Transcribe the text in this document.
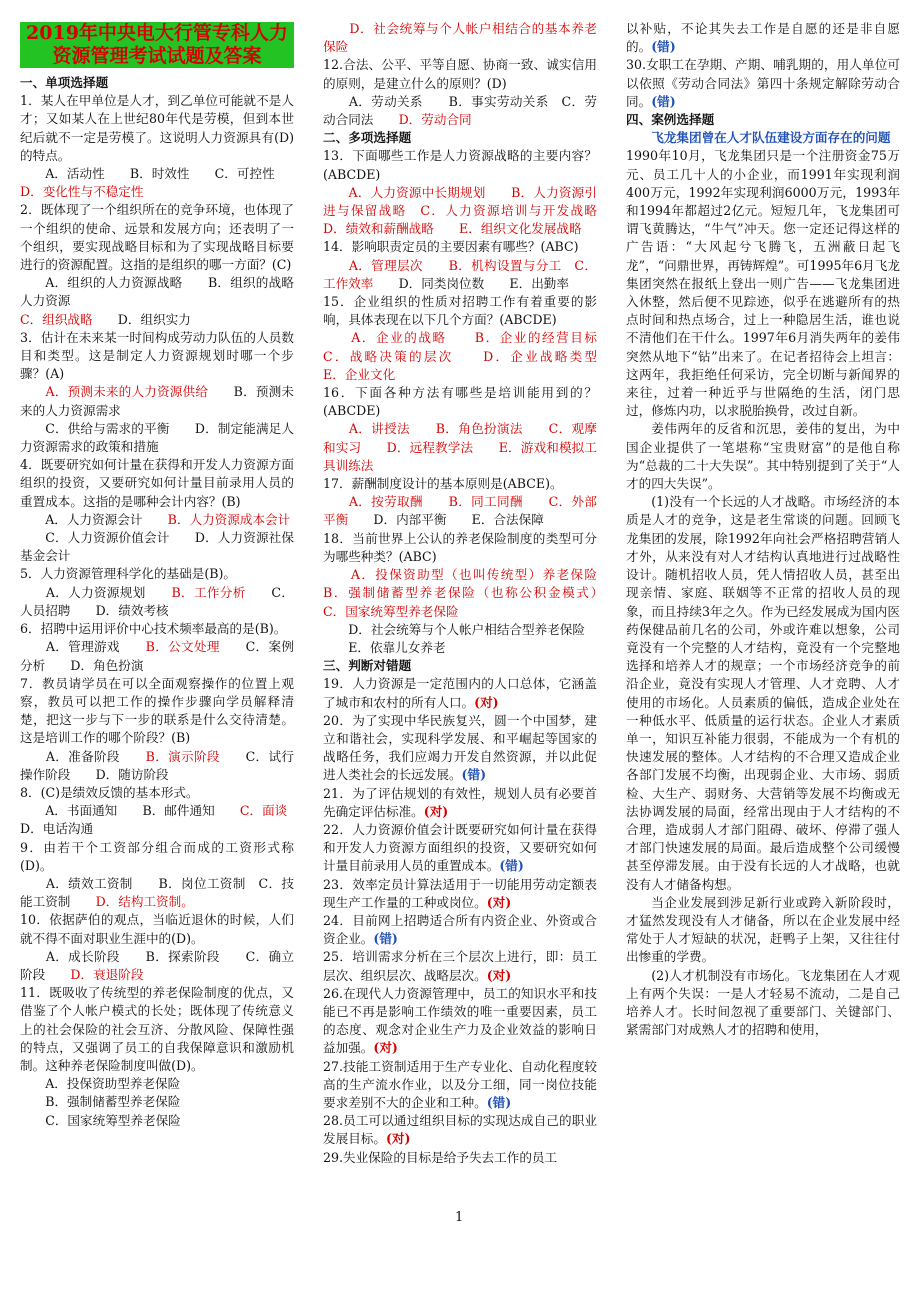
2019年中央电大行管专科人力资源管理考试试题及答案

一、单项选择题

1．某人在甲单位是人才，到乙单位可能就不是人才；又如某人在上世纪80年代是劳模，但到本世纪后就不一定是劳模了。这说明人力资源具有(D)的特点。

A．活动性　　B．时效性　　C．可控性

D．变化性与不稳定性

2．既体现了一个组织所在的竞争环境，也体现了一个组织的使命、远景和发展方向；还表明了一个组织，要实现战略目标和为了实现战略目标要进行的资源配置。这指的是组织的哪一方面？(C)

A．组织的人力资源战略　　B．组织的战略人力资源　

C．组织战略　　D．组织实力

3．估计在未来某一时间构成劳动力队伍的人员数目和类型。这是制定人力资源规划时哪一个步骤？(A)

　　A．预测未来的人力资源供给　　B．预测未来的人力资源需求

C．供给与需求的平衡　　D．制定能满足人力资源需求的政策和措施

4．既要研究如何计量在获得和开发人力资源方面组织的投资，又要研究如何计量目前录用人员的重置成本。这指的是哪种会计内容？(B)

　　A．人力资源会计　　B．人力资源成本会计

C．人力资源价值会计　　D．人力资源社保基金会计

5．人力资源管理科学化的基础是(B)。

　　A．人力资源规划　　B．工作分析　　C．人员招聘　　D．绩效考核

6．招聘中运用评价中心技术频率最高的是(B)。

　　A．管理游戏　　B．公文处理　　C．案例分析　　D．角色扮演

7．教员请学员在可以全面观察操作的位置上观察，教员可以把工作的操作步骤向学员解释清楚，把这一步与下一步的联系是什么交待清楚。这是培训工作的哪个阶段？(B)

　　A．准备阶段　　B．演示阶段　　C．试行操作阶段　　D．随访阶段

8．(C)是绩效反馈的基本形式。

　　A．书面通知　　B．邮件通知　　C．面谈　　D．电话沟通

9．由若干个工资部分组合而成的工资形式称(D)。

　　A．绩效工资制　　B．岗位工资制　C．技能工资制　　D．结构工资制。

10．依据萨伯的观点，当临近退休的时候，人们就不得不面对职业生涯中的(D)。

　　A．成长阶段　　B．探索阶段　　C．确立阶段　　D．衰退阶段

11．既吸收了传统型的养老保险制度的优点，又借鉴了个人帐户模式的长处；既体现了传统意义上的社会保险的社会互济、分散风险、保障性强的特点，又强调了员工的自我保障意识和激励机制。这种养老保险制度叫做(D)。

A．投保资助型养老保险

B．强制储蓄型养老保险

C．国家统筹型养老保险

　　D．社会统筹与个人帐户相结合的基本养老保险

12.合法、公平、平等自愿、协商一致、诚实信用的原则，是建立什么的原则？(D)

　　A．劳动关系　　B．事实劳动关系　C．劳动合同法　　D．劳动合同

二、多项选择题

13．下面哪些工作是人力资源战略的主要内容？(ABCDE)

　　A．人力资源中长期规划　　B．人力资源引进与保留战略　C．人力资源培训与开发战略　　D．绩效和薪酬战略　　E．组织文化发展战略

14．影响职责定员的主要因素有哪些？(ABC)

　　A．管理层次　　B．机构设置与分工　C．工作效率　　D．同类岗位数　　E．出勤率

15．企业组织的性质对招聘工作有着重要的影响，具体表现在以下几个方面？(ABCDE)

　　A．企业的战略　　B．企业的经营目标　C．战略决策的层次　　D．企业战略类型　　E．企业文化

16．下面各种方法有哪些是培训能用到的？(ABCDE)

　　A．讲授法　　B．角色扮演法　　C．观摩和实习　　D．远程教学法　　E．游戏和模拟工具训练法

17．薪酬制度设计的基本原则是(ABCE)。

　　A．按劳取酬　　B．同工同酬　　C．外部平衡　　D．内部平衡　　E．合法保障

18．当前世界上公认的养老保险制度的类型可分为哪些种类？(ABC)

　　A．投保资助型（也叫传统型）养老保险　B．强制储蓄型养老保险（也称公积金模式）　　C．国家统筹型养老保险

D．社会统筹与个人帐户相结合型养老保险

E．依靠儿女养老

三、判断对错题

19．人力资源是一定范围内的人口总体，它涵盖了城市和农村的所有人口。(对)

20．为了实现中华民族复兴，圆一个中国梦，建立和谐社会，实现科学发展、和平崛起等国家的战略任务，我们应竭力开发自然资源，并以此促进人类社会的长远发展。(错)

21．为了评估规划的有效性，规划人员有必要首先确定评估标准。(对)

22．人力资源价值会计既要研究如何计量在获得和开发人力资源方面组织的投资，又要研究如何计量目前录用人员的重置成本。(错)

23．效率定员计算法适用于一切能用劳动定额表现生产工作量的工种或岗位。(对)

24．目前网上招聘适合所有内资企业、外资或合资企业。(错)

25．培训需求分析在三个层次上进行，即：员工层次、组织层次、战略层次。(对)

26.在现代人力资源管理中，员工的知识水平和技能已不再是影响工作绩效的唯一重要因素，员工的态度、观念对企业生产力及企业效益的影响日益加强。(对)

27.技能工资制适用于生产专业化、自动化程度较高的生产流水作业，以及分工细，同一岗位技能要求差别不大的企业和工种。(错)

28.员工可以通过组织目标的实现达成自己的职业发展目标。(对)

29.失业保险的目标是给予失去工作的员工

以补贴，不论其失去工作是自愿的还是非自愿的。(错)

30.女职工在孕期、产期、哺乳期的，用人单位可以依照《劳动合同法》第四十条规定解除劳动合同。(错)

四、案例选择题

飞龙集团曾在人才队伍建设方面存在的问题

1990年10月，飞龙集团只是一个注册资金75万元、员工几十人的小企业，而1991年实现利润400万元，1992年实现利润6000万元，1993年和1994年都超过2亿元。短短几年，飞龙集团可谓飞黄腾达，“牛气”冲天。您一定还记得这样的广告语：“大风起兮飞腾飞，五洲蔽日起飞龙”，“问鼎世界，再铸辉煌”。可1995年6月飞龙集团突然在报纸上登出一则广告——飞龙集团进入休整，然后便不见踪迹，似乎在逃避所有的热点时间和热点场合，过上一种隐居生活，谁也说不清他们在干什么。1997年6月消失两年的姜伟突然从地下“钻”出来了。在记者招待会上坦言：这两年，我拒绝任何采访，完全切断与新闻界的来往，过着一种近乎与世隔绝的生活，闭门思过，修炼内功，以求脱胎换骨，改过自新。

姜伟两年的反省和沉思，姜伟的复出，为中国企业提供了一笔堪称“宝贵财富”的是他自称为“总裁的二十大失误”。其中特别提到了关于“人才的四大失误”。

(1)没有一个长远的人才战略。市场经济的本质是人才的竞争，这是老生常谈的问题。回顾飞龙集团的发展，除1992年向社会严格招聘营销人才外，从来没有对人才结构认真地进行过战略性设计。随机招收人员，凭人情招收人员，甚至出现亲情、家庭、联姻等不正常的招收人员的现象，而且持续3年之久。作为已经发展成为国内医药保健品前几名的公司，外或许难以想象，公司竟没有一个完整的人才结构，竟没有一个完整地选择和培养人才的规章；一个市场经济竞争的前沿企业，竟没有实现人才管理、人才竞聘、人才使用的市场化。人员素质的偏低，造成企业处在一种低水平、低质量的运行状态。企业人才素质单一，知识互补能力很弱，不能成为一个有机的快速发展的整体。人才结构的不合理又造成企业各部门发展不均衡，出现弱企业、大市场、弱质检、大生产、弱财务、大营销等发展不均衡或无法协调发展的局面，经常出现由于人才结构的不合理，造成弱人才部门阻碍、破坏、停滞了强人才部门快速发展的局面。最后造成整个公司缓慢甚至停滞发展。由于没有长远的人才战略，也就没有人才储备构想。

当企业发展到涉足新行业或跨入新阶段时，才猛然发现没有人才储备，所以在企业发展中经常处于人才短缺的状况，赶鸭子上架，又往往付出惨重的学费。

(2)人才机制没有市场化。飞龙集团在人才观上有两个失误：一是人才轻易不流动，二是自己培养人才。长时间忽视了重要部门、关键部门、紧需部门对成熟人才的招聘和使用，

1
